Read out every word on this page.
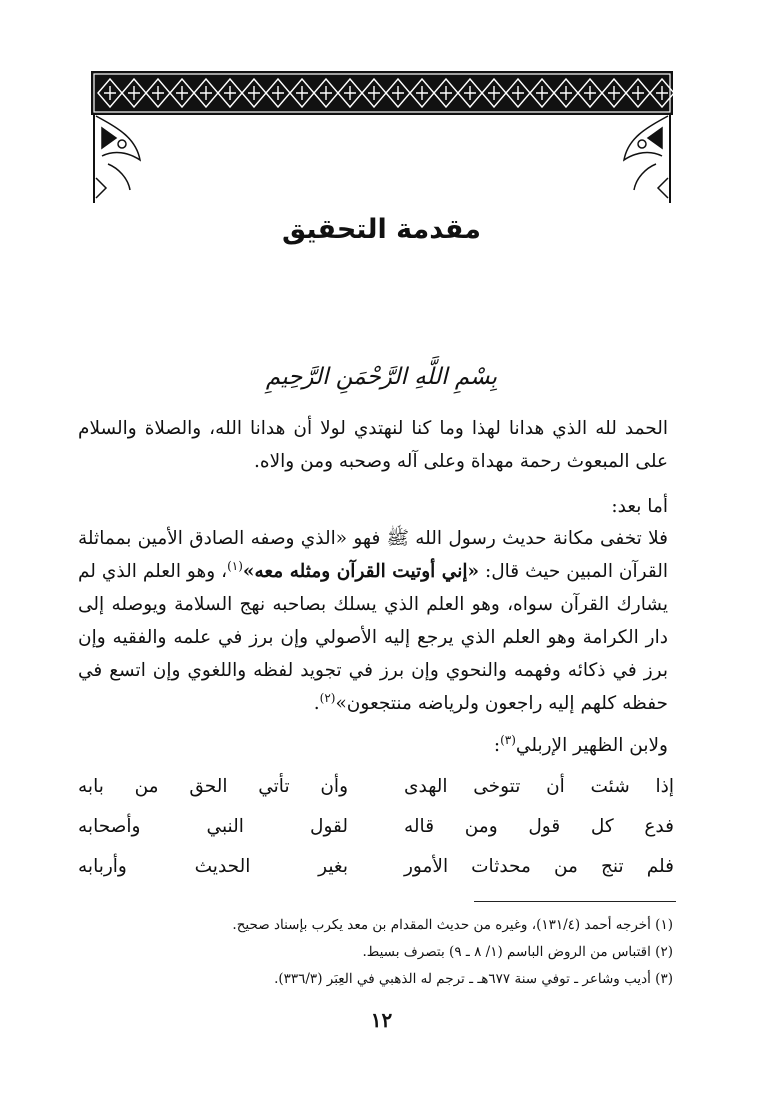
مقدمة التحقيق
بِسْمِ اللَّهِ الرَّحْمَنِ الرَّحِيمِ

الحمد لله الذي هدانا لهذا وما كنا لنهتدي لولا أن هدانا الله، والصلاة والسلام على المبعوث رحمة مهداة وعلى آله وصحبه ومن والاه.

أما بعد:

فلا تخفى مكانة حديث رسول الله ﷺ فهو «الذي وصفه الصادق الأمين بمماثلة القرآن المبين حيث قال: «إني أوتيت القرآن ومثله معه»$^{(١)}$، وهو العلم الذي لم يشارك القرآن سواه، وهو العلم الذي يسلك بصاحبه نهج السلامة ويوصله إلى دار الكرامة وهو العلم الذي يرجع إليه الأصولي وإن برز في علمه والفقيه وإن برز في ذكائه وفهمه والنحوي وإن برز في تجويد لفظه واللغوي وإن اتسع في حفظه كلهم إليه راجعون ولرياضه منتجعون»$^{(٢)}$.

ولابن الظهير الإربلي$^{(٣)}$:

إذا شئت أن تتوخى الهدى
وأن تأتي الحق من بابه
فدع كل قول ومن قاله
لقول النبي وأصحابه
فلم تنج من محدثات الأمور
بغير الحديث وأربابه
(١) أخرجه أحمد (١٣١/٤)، وغيره من حديث المقدام بن معد يكرب بإسناد صحيح.
(٢) اقتباس من الروض الباسم (١/ ٨ ـ ٩) بتصرف بسيط.
(٣) أديب وشاعر ـ توفي سنة ٦٧٧هـ ـ ترجم له الذهبي في العِبَر (٣٣٦/٣).
١٢
